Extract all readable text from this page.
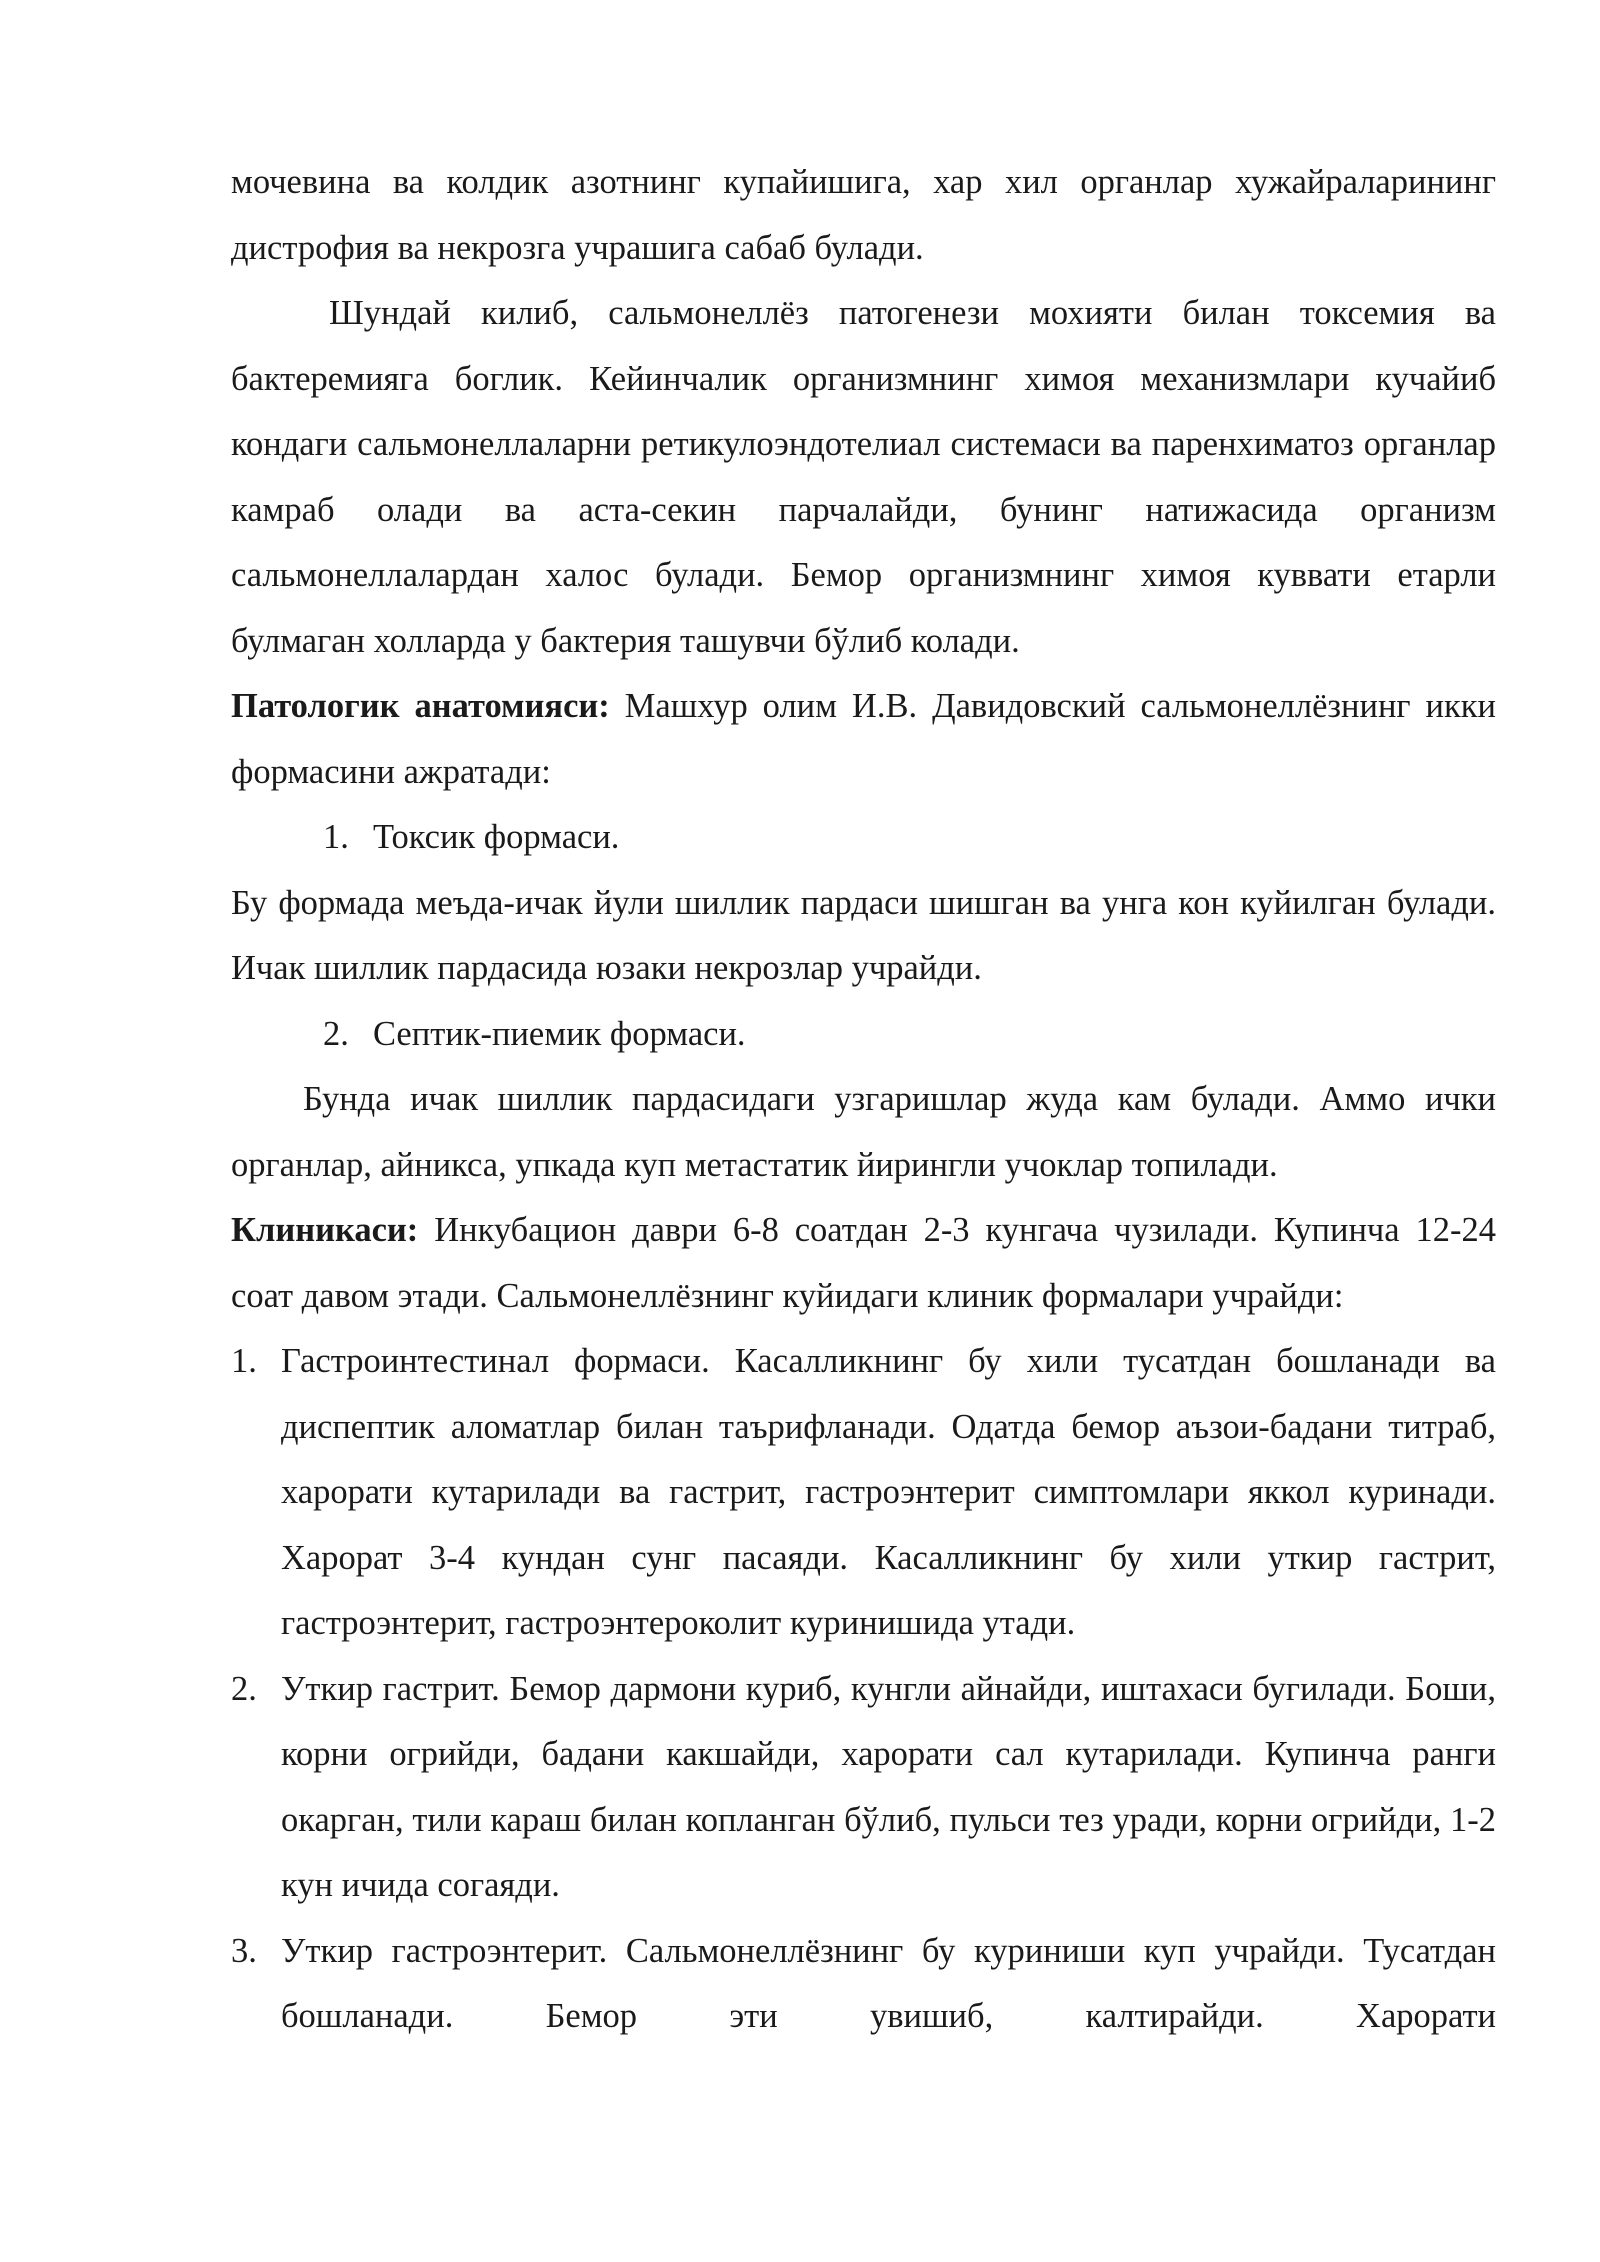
мочевина ва колдик азотнинг купайишига, хар хил органлар хужайраларининг дистрофия ва некрозга учрашига сабаб булади.

Шундай килиб, сальмонеллёз патогенези мохияти билан токсемия ва бактеремияга боглик. Кейинчалик организмнинг химоя механизмлари кучайиб кондаги сальмонеллаларни ретикулоэндотелиал системаси ва паренхиматоз органлар камраб олади ва аста-секин парчалайди, бунинг натижасида организм сальмонеллалардан халос булади. Бемор организмнинг химоя куввати етарли булмаган холларда у бактерия ташувчи бўлиб колади.

Патологик анатомияси: Машхур олим И.В. Давидовский сальмонеллёзнинг икки формасини ажратади:

1. Токсик формаси.

Бу формада меъда-ичак йули шиллик пардаси шишган ва унга кон куйилган булади. Ичак шиллик пардасида юзаки некрозлар учрайди.

2. Септик-пиемик формаси.

Бунда ичак шиллик пардасидаги узгаришлар жуда кам булади. Аммо ички органлар, айникса, упкада куп метастатик йирингли учоклар топилади.

Клиникаси: Инкубацион даври 6-8 соатдан 2-3 кунгача чузилади. Купинча 12-24 соат давом этади. Сальмонеллёзнинг куйидаги клиник формалари учрайди:

1. Гастроинтестинал формаси. Касалликнинг бу хили тусатдан бошланади ва диспептик аломатлар билан таърифланади. Одатда бемор аъзои-бадани титраб, харорати кутарилади ва гастрит, гастроэнтерит симптомлари яккол куринади. Харорат 3-4 кундан сунг пасаяди. Касалликнинг бу хили уткир гастрит, гастроэнтерит, гастроэнтероколит куринишида утади.
2. Уткир гастрит. Бемор дармони куриб, кунгли айнайди, иштахаси бугилади. Боши, корни огрийди, бадани какшайди, харорати сал кутарилади. Купинча ранги окарган, тили караш билан копланган бўлиб, пульси тез уради, корни огрийди, 1-2 кун ичида согаяди.
3. Уткир гастроэнтерит. Сальмонеллёзнинг бу куриниши куп учрайди. Тусатдан бошланади. Бемор эти увишиб, калтирайди. Харорати
